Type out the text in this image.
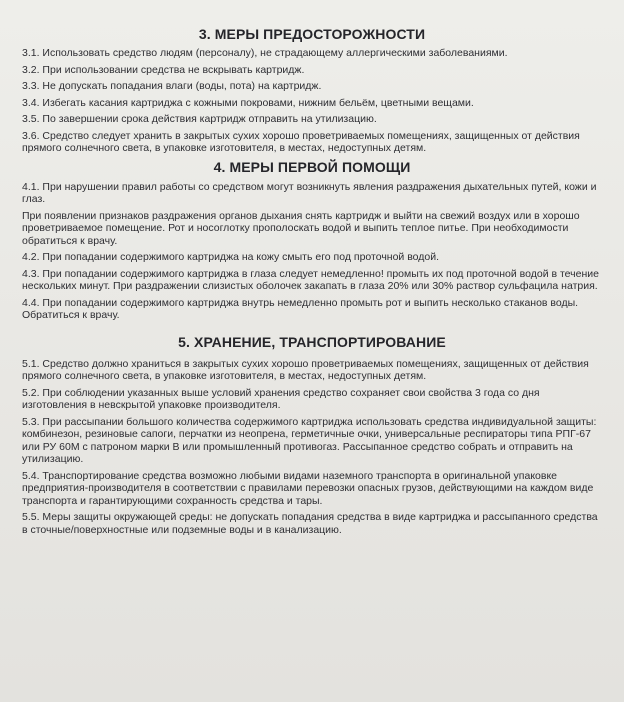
3. МЕРЫ ПРЕДОСТОРОЖНОСТИ

3.1. Использовать средство людям (персоналу), не страдающему аллергическими заболеваниями.

3.2. При использовании средства не вскрывать картридж.

3.3. Не допускать попадания влаги (воды, пота) на картридж.

3.4. Избегать касания картриджа с кожными покровами, нижним бельём, цветными вещами.

3.5. По завершении срока действия картридж отправить на утилизацию.

3.6. Средство следует хранить в закрытых сухих хорошо проветриваемых помещениях, защищенных от действия прямого солнечного света, в упаковке изготовителя, в местах, недоступных детям.

4. МЕРЫ ПЕРВОЙ ПОМОЩИ

4.1. При нарушении правил работы со средством могут возникнуть явления раздражения дыхательных путей, кожи и глаз.

При появлении признаков раздражения органов дыхания снять картридж и выйти на свежий воздух или в хорошо проветриваемое помещение. Рот и носоглотку прополоскать водой и выпить теплое питье. При необходимости обратиться к врачу.

4.2. При попадании содержимого картриджа на кожу смыть его под проточной водой.

4.3. При попадании содержимого картриджа в глаза следует немедленно! промыть их под проточной водой в течение нескольких минут. При раздражении слизистых оболочек закапать в глаза 20% или 30% раствор сульфацила натрия.

4.4. При попадании содержимого картриджа внутрь немедленно промыть рот и выпить несколько стаканов воды. Обратиться к врачу.

5. ХРАНЕНИЕ, ТРАНСПОРТИРОВАНИЕ

5.1. Средство должно храниться в закрытых сухих хорошо проветриваемых помещениях, защищенных от действия прямого солнечного света, в упаковке изготовителя, в местах, недоступных детям.

5.2. При соблюдении указанных выше условий хранения средство сохраняет свои свойства 3 года со дня изготовления в невскрытой упаковке производителя.

5.3. При рассыпании большого количества содержимого картриджа использовать средства индивидуальной защиты: комбинезон, резиновые сапоги, перчатки из неопрена, герметичные очки, универсальные респираторы типа РПГ-67 или РУ 60М с патроном марки В или промышленный противогаз. Рассыпанное средство собрать и отправить на утилизацию.

5.4. Транспортирование средства возможно любыми видами наземного транспорта в оригинальной упаковке предприятия-производителя в соответствии с правилами перевозки опасных грузов, действующими на каждом виде транспорта и гарантирующими сохранность средства и тары.

5.5. Меры защиты окружающей среды: не допускать попадания средства в виде картриджа и рассыпанного средства в сточные/поверхностные или подземные воды и в канализацию.
